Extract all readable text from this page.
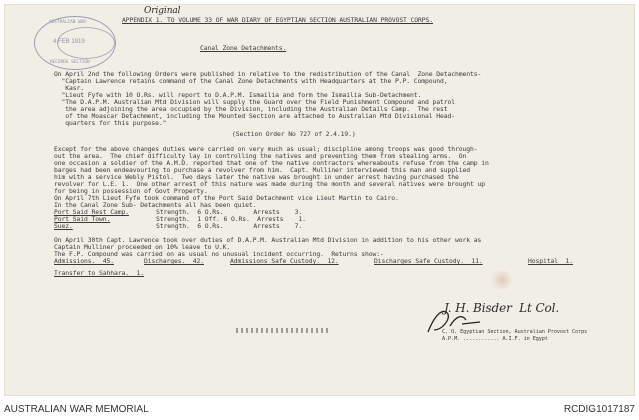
AUSTRALIAN WAR
4 FEB 1919
RECORDS SECTION
Original
APPENDIX 1. TO VOLUME 33 OF WAR DIARY OF EGYPTIAN SECTION AUSTRALIAN PROVOST CORPS.
Canal Zone Detachments.
On April 2nd the following Orders were published in relative to the redistribution of the Canal  Zone Detachments-
"Captain Lawrence retains command of the Canal Zone Detachments with Headquarters at the P.P. Compound,
Kasr.
"Lieut Fyfe with 10 O.Rs. will report to D.A.P.M. Ismailia and form the Ismailia Sub-Detachment.
"The D.A.P.M. Australian Mtd Division will supply the Guard over the Field Punishment Compound and patrol
the area adjoining the area occupied by the Division, including the Australian Details Camp.  The rest
of the Moascar Detachment, including the Mounted Section are attached to Australian Mtd Divisional Head-
quarters for this purpose."
(Section Order No 727 of 2.4.19.)
Except for the above changes duties were carried on very much as usual; discipline among troops was good through-
out the area.  The chief difficulty lay in controlling the natives and preventing them from stealing arms.  On
one occasion a soldier of the A.M.D. reported that one of the native contractors whereabouts refuse from the camp in
barges had been endeavouring to purchase a revolver from him.  Capt. Mulliner interviewed this man and supplied
him with a service Webly Pistol.  Two days later the native was brought in under arrest having purchased the
revolver for L.E. 1.  One other arrest of this nature was made during the month and several natives were brought up
for being in possession of Govt Property.
On April 7th Lieut Fyfe took command of the Port Said Detachment vice Lieut Martin to Cairo.
In the Canal Zone Sub- Detachments all has been quiet.
Port Said Rest Camp.	Strength.  6 O.Rs.        Arrests    3.
Port Said Town.	Strength.  1 Off. 6 O.Rs.  Arrests    1.
Suez.	Strength.  6 O.Rs.        Arrests    7.
On April 30th Capt. Lawrence took over duties of D.A.P.M. Australian Mtd Division in addition to his other work as
Captain Mulliner proceeded on 10% leave to U.K.
The F.P. Compound was carried on as usual no unusual incident occurring.  Returns show:-
Admissions.  45.	Discharges.  42.	Admissions Safe Custody.  12.	Discharges Safe Custody.  11.	Hospital  1.
Transfer to Sahhara.  1.
J. H. Bisder  Lt Col.
C. O. Egyptian Section, Australian Provost Corps
A.P.M. ............ A.I.F. in Egypt
AUSTRALIAN WAR MEMORIAL	RCDIG1017187
